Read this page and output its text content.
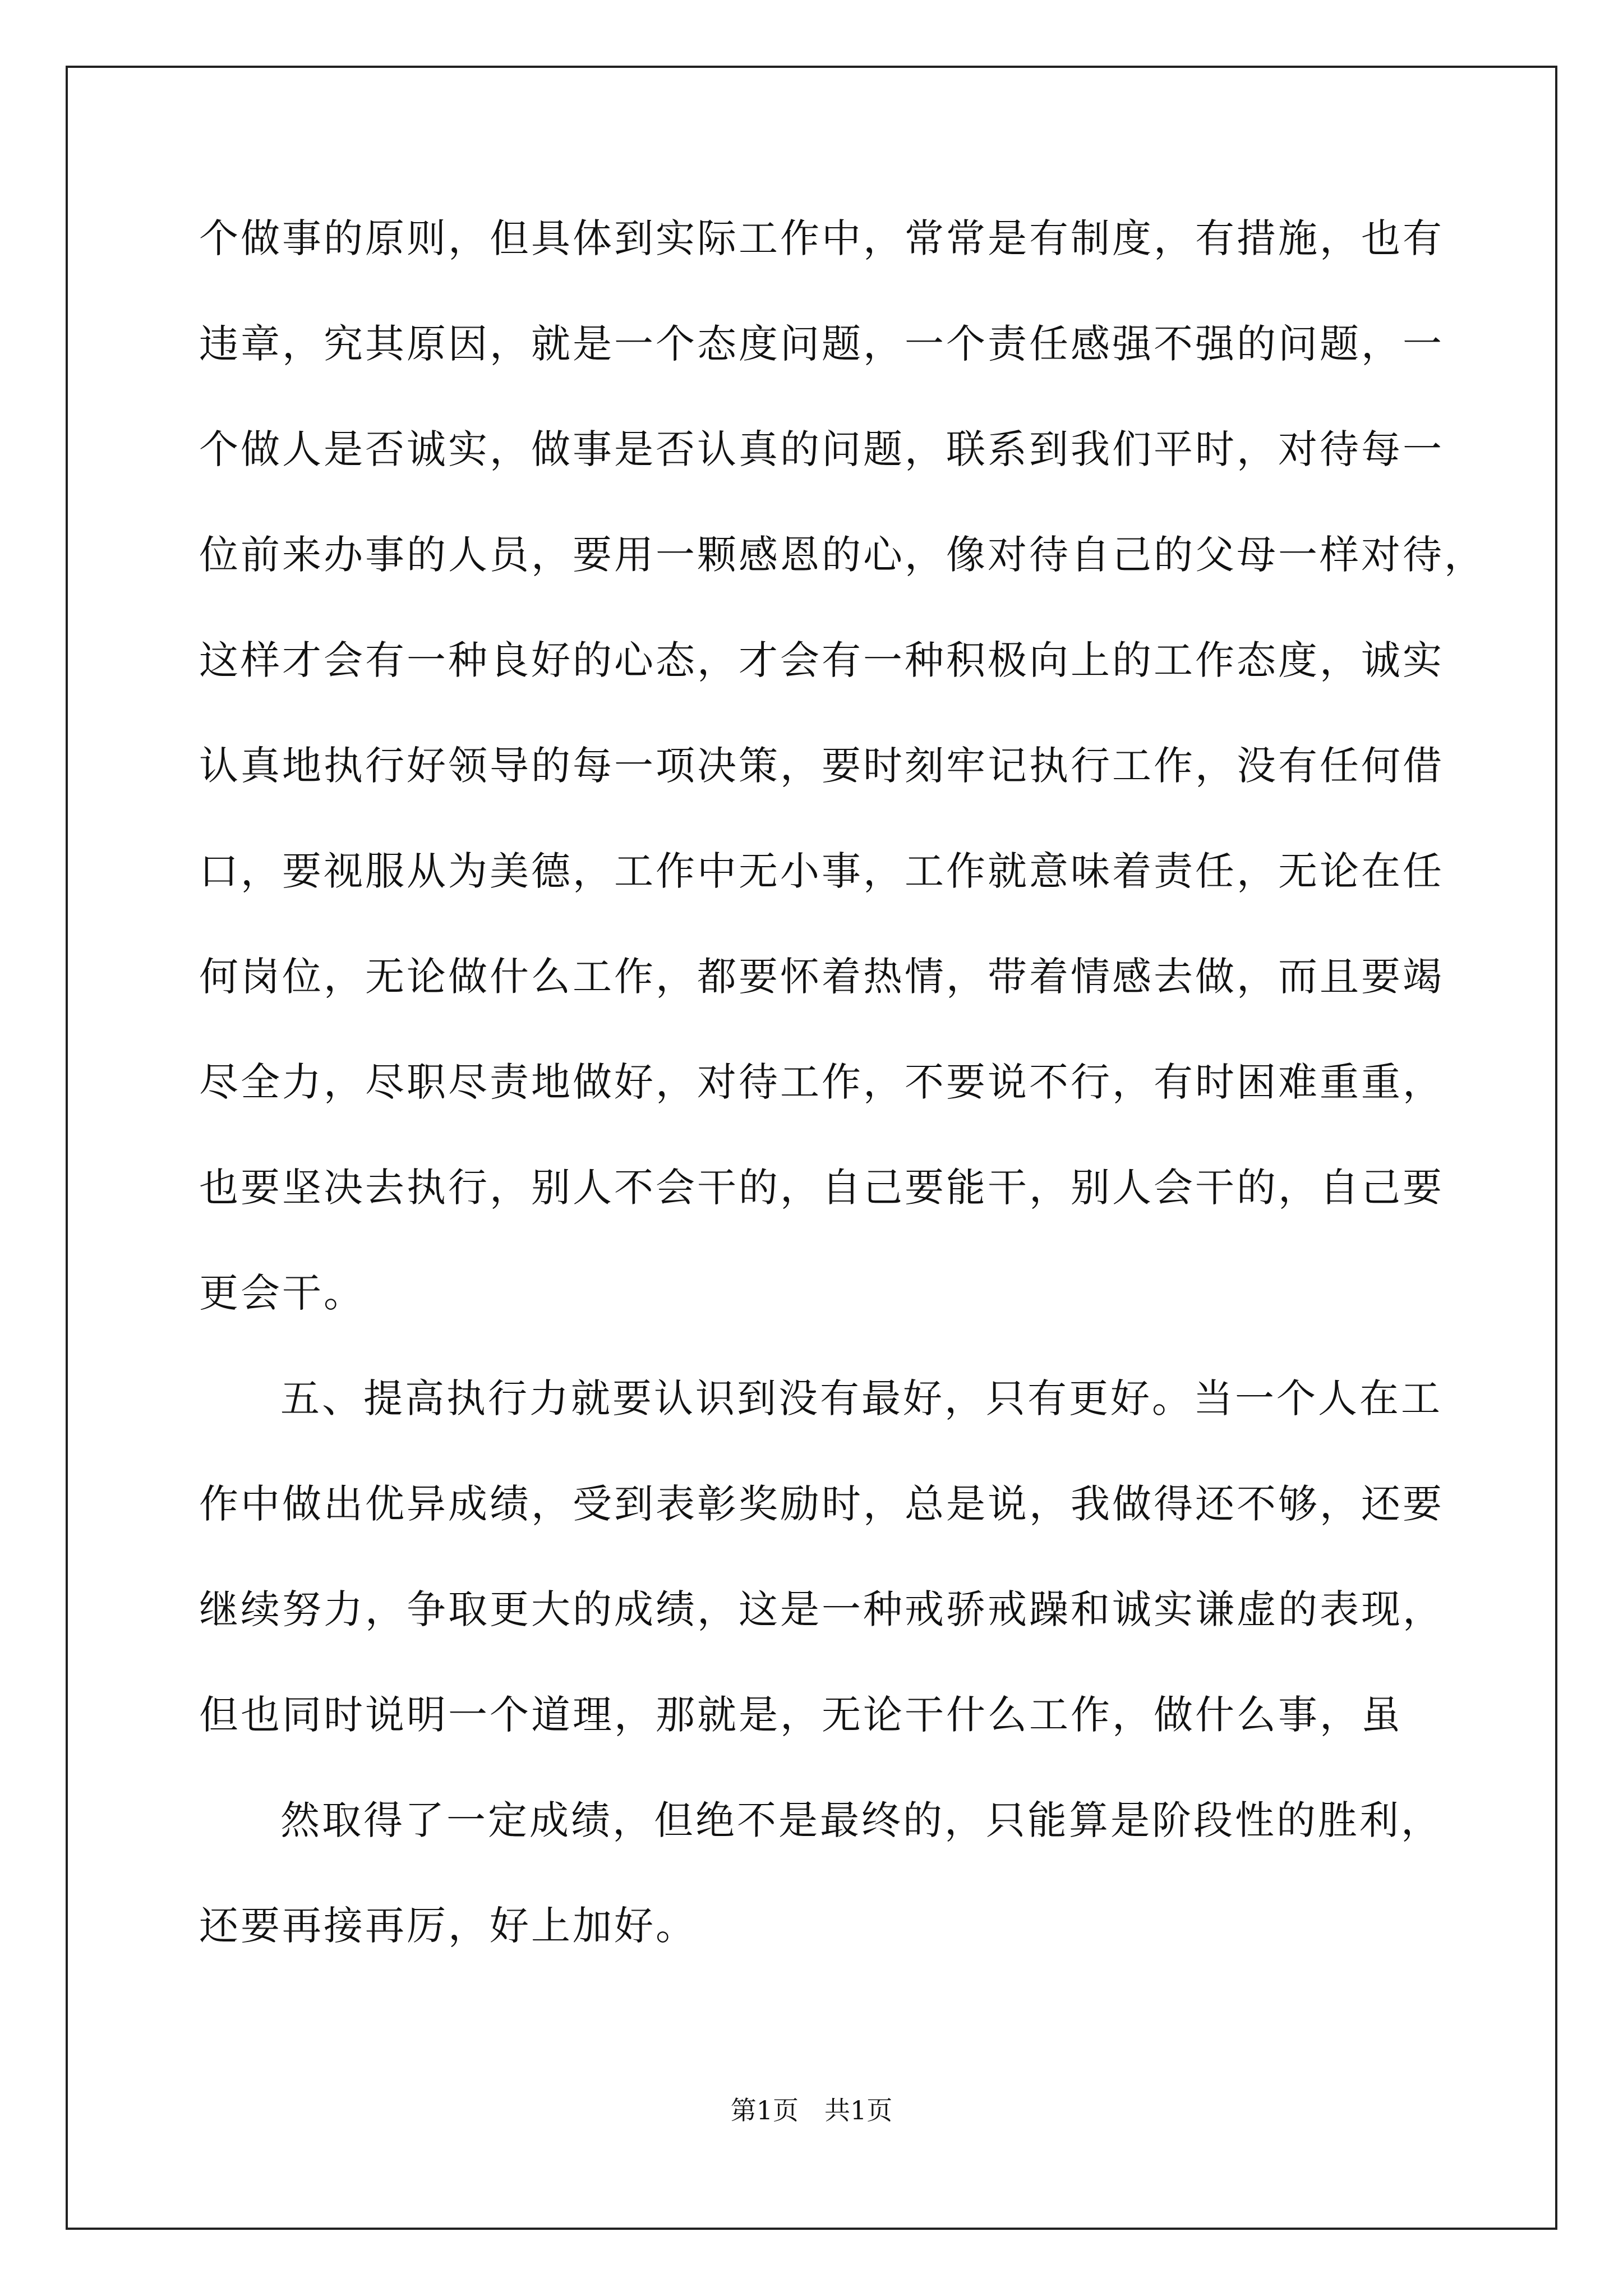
个做事的原则，但具体到实际工作中，常常是有制度，有措施，也有
违章，究其原因，就是一个态度问题，一个责任感强不强的问题，一
个做人是否诚实，做事是否认真的问题，联系到我们平时，对待每一
位前来办事的人员，要用一颗感恩的心，像对待自己的父母一样对待，
这样才会有一种良好的心态，才会有一种积极向上的工作态度，诚实
认真地执行好领导的每一项决策，要时刻牢记执行工作，没有任何借
口，要视服从为美德，工作中无小事，工作就意味着责任，无论在任
何岗位，无论做什么工作，都要怀着热情，带着情感去做，而且要竭
尽全力，尽职尽责地做好，对待工作，不要说不行，有时困难重重，
也要坚决去执行，别人不会干的，自己要能干，别人会干的，自己要
更会干。
五、提高执行力就要认识到没有最好，只有更好。当一个人在工
作中做出优异成绩，受到表彰奖励时，总是说，我做得还不够，还要
继续努力，争取更大的成绩，这是一种戒骄戒躁和诚实谦虚的表现，
但也同时说明一个道理，那就是，无论干什么工作，做什么事，虽
然取得了一定成绩，但绝不是最终的，只能算是阶段性的胜利，
还要再接再厉，好上加好。
第1页 共1页
